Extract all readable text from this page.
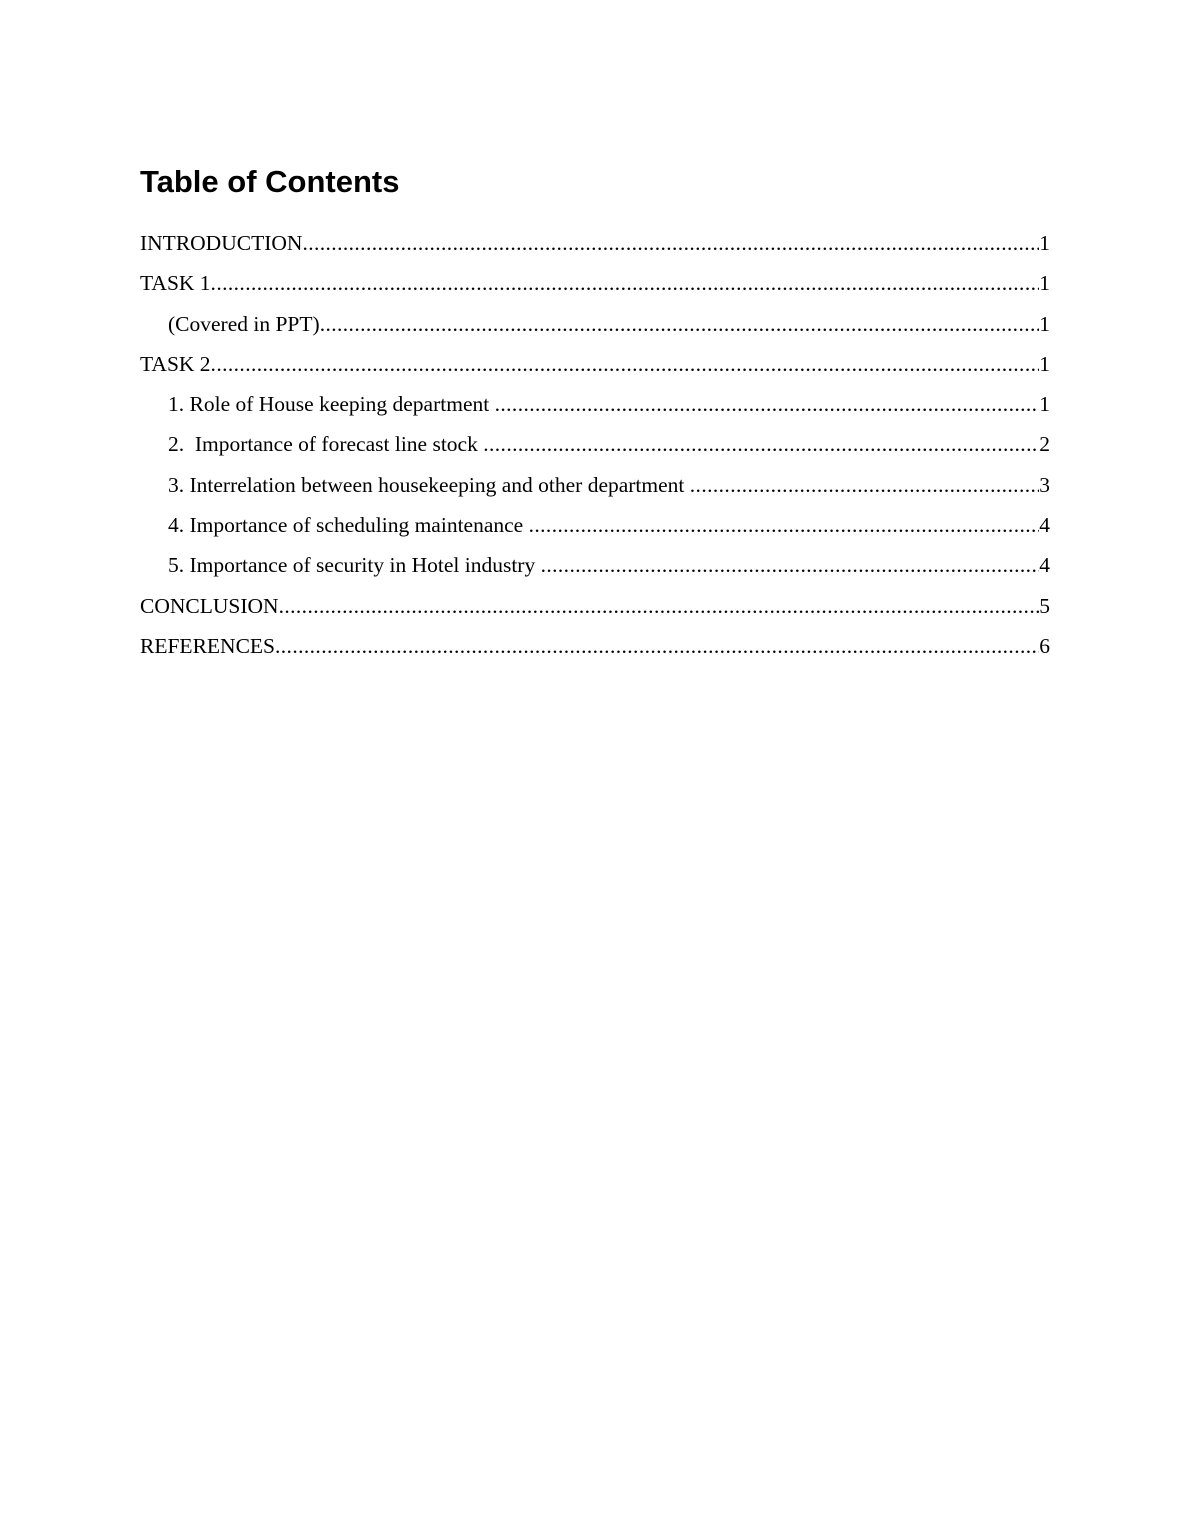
Table of Contents
INTRODUCTION .....	1
TASK 1 .....	1
(Covered in PPT) .....	1
TASK 2 .....	1
1. Role of House keeping department .....	1
2.  Importance of forecast line stock .....	2
3. Interrelation between housekeeping and other department .....	3
4. Importance of scheduling maintenance .....	4
5. Importance of security in Hotel industry .....	4
CONCLUSION .....	5
REFERENCES .....	6
